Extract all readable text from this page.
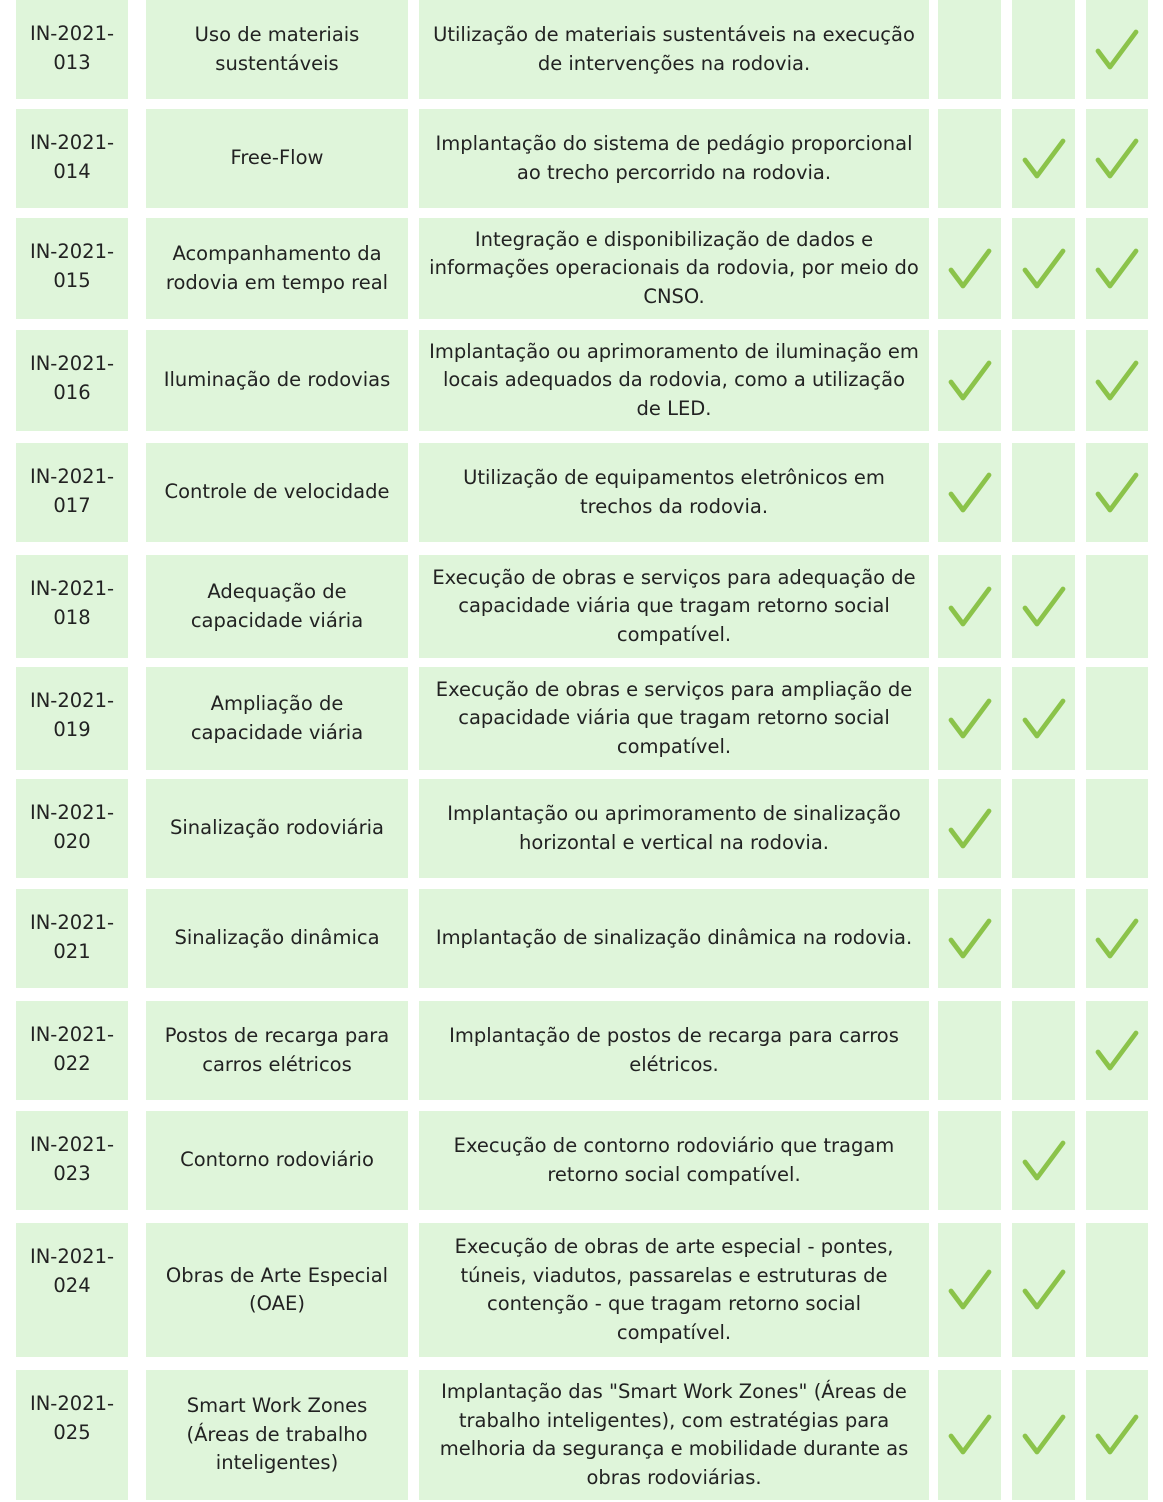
IN-2021-
013
Uso de materiais sustentáveis
Utilização de materiais sustentáveis na execução de intervenções na rodovia.
IN-2021-
014
Free-Flow
Implantação do sistema de pedágio proporcional ao trecho percorrido na rodovia.
IN-2021-
015
Acompanhamento da rodovia em tempo real
Integração e disponibilização de dados e informações operacionais da rodovia, por meio do CNSO.
IN-2021-
016
Iluminação de rodovias
Implantação ou aprimoramento de iluminação em locais adequados da rodovia, como a utilização de LED.
IN-2021-
017
Controle de velocidade
Utilização de equipamentos eletrônicos em trechos da rodovia.
IN-2021-
018
Adequação de capacidade viária
Execução de obras e serviços para adequação de capacidade viária que tragam retorno social compatível.
IN-2021-
019
Ampliação de capacidade viária
Execução de obras e serviços para ampliação de capacidade viária que tragam retorno social compatível.
IN-2021-
020
Sinalização rodoviária
Implantação ou aprimoramento de sinalização horizontal e vertical na rodovia.
IN-2021-
021
Sinalização dinâmica	Implantação de sinalização dinâmica na rodovia.
IN-2021-
022
Postos de recarga para carros elétricos
Implantação de postos de recarga para carros elétricos.
IN-2021-
023
Contorno rodoviário
Execução de contorno rodoviário que tragam retorno social compatível.
IN-2021-
024	Obras de Arte Especial (OAE)
Execução de obras de arte especial - pontes, túneis, viadutos, passarelas e estruturas de contenção - que tragam retorno social compatível.
IN-2021-
025
Smart Work Zones (Áreas de trabalho inteligentes)
Implantação das "Smart Work Zones" (Áreas de trabalho inteligentes), com estratégias para melhoria da segurança e mobilidade durante as obras rodoviárias.
